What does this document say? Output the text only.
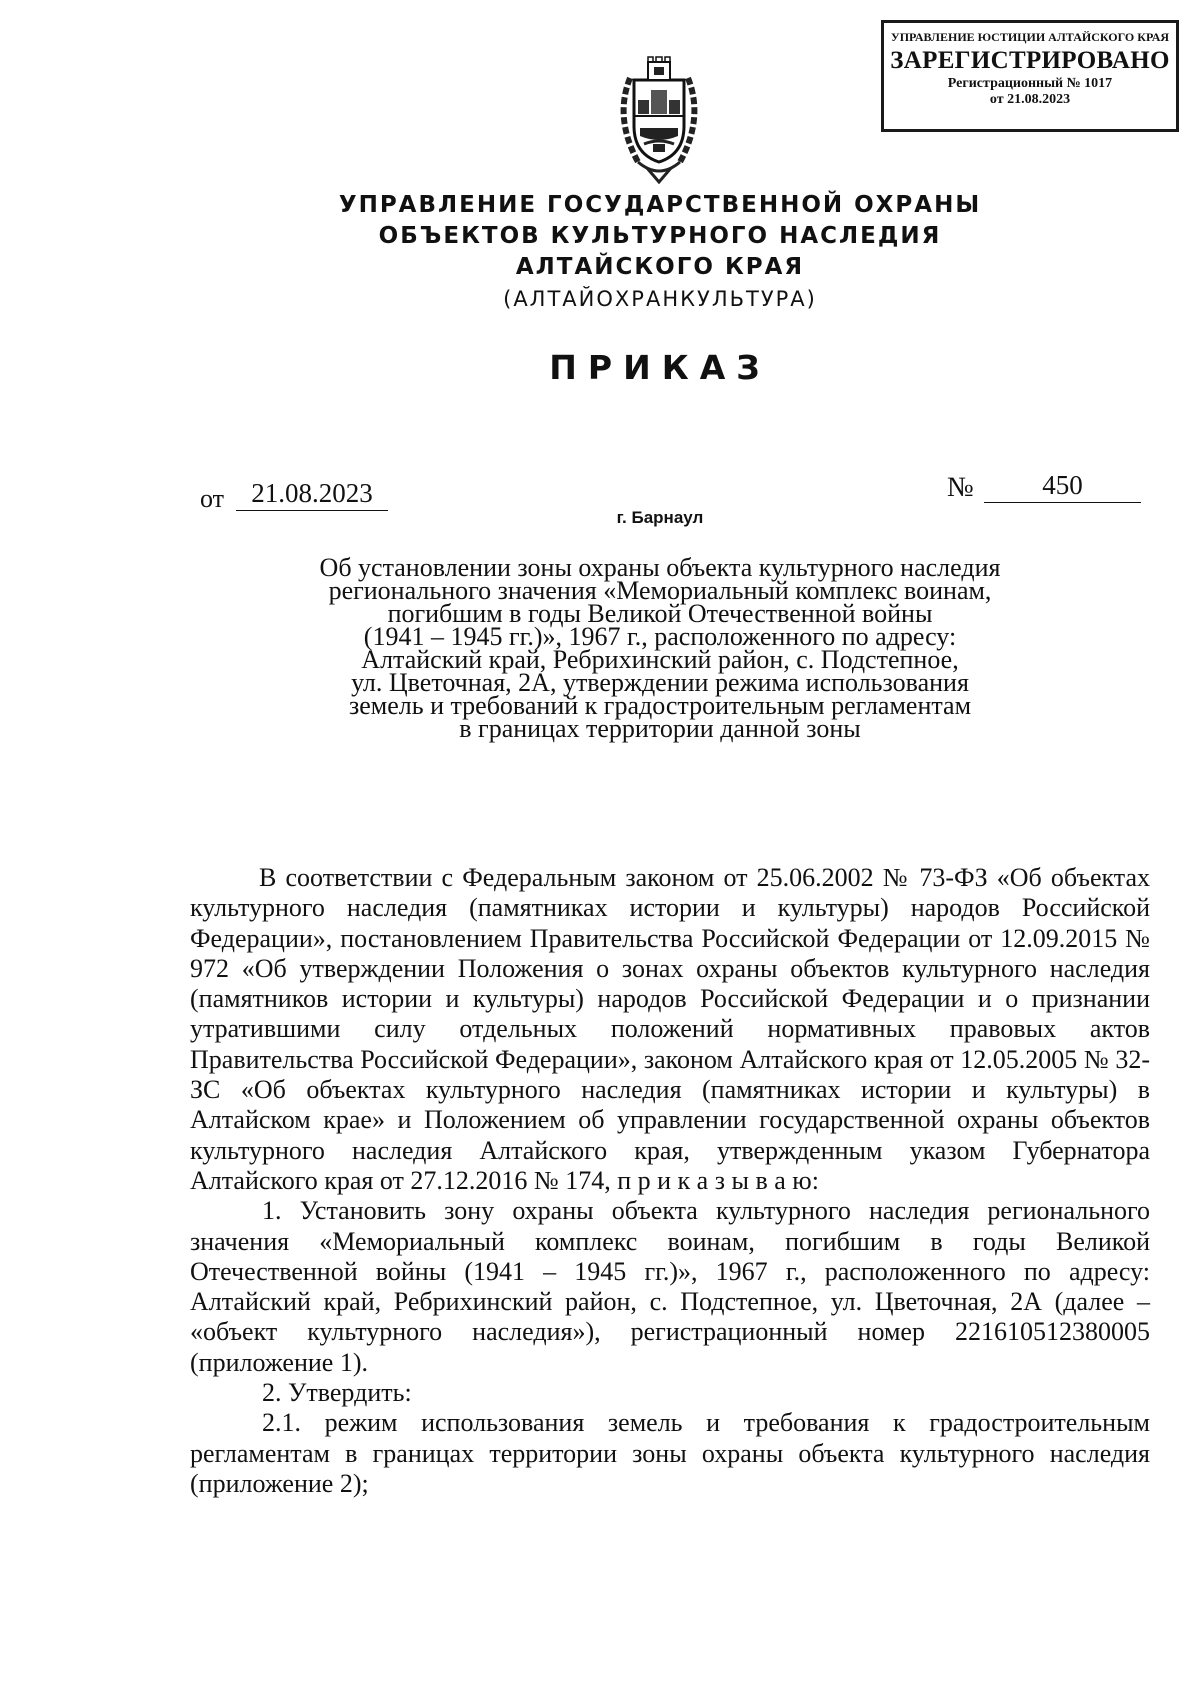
УПРАВЛЕНИЕ ЮСТИЦИИ АЛТАЙСКОГО КРАЯ
ЗАРЕГИСТРИРОВАНО
Регистрационный № 1017
от 21.08.2023
УПРАВЛЕНИЕ ГОСУДАРСТВЕННОЙ ОХРАНЫ
ОБЪЕКТОВ КУЛЬТУРНОГО НАСЛЕДИЯ
АЛТАЙСКОГО КРАЯ
(АЛТАЙОХРАНКУЛЬТУРА)
ПРИКАЗ
от	21.08.2023	№	450
г. Барнаул
Об установлении зоны охраны объекта культурного наследия
регионального значения «Мемориальный комплекс воинам,
погибшим в годы Великой Отечественной войны
(1941 – 1945 гг.)», 1967 г., расположенного по адресу:
Алтайский край, Ребрихинский район, с. Подстепное,
ул. Цветочная, 2А, утверждении режима использования
земель и требований к градостроительным регламентам
в границах территории данной зоны

В соответствии с Федеральным законом от 25.06.2002 № 73-ФЗ «Об объектах культурного наследия (памятниках истории и культуры) народов Российской Федерации», постановлением Правительства Российской Федерации от 12.09.2015 № 972 «Об утверждении Положения о зонах охраны объектов культурного наследия (памятников истории и культуры) народов Российской Федерации и о признании утратившими силу отдельных положений нормативных правовых актов Правительства Российской Федерации», законом Алтайского края от 12.05.2005 № 32-ЗС «Об объектах культурного наследия (памятниках истории и культуры) в Алтайском крае» и Положением об управлении государственной охраны объектов культурного наследия Алтайского края, утвержденным указом Губернатора Алтайского края от 27.12.2016 № 174, п р и к а з ы в а ю:

1. Установить зону охраны объекта культурного наследия регионального значения «Мемориальный комплекс воинам, погибшим в годы Великой Отечественной войны (1941 – 1945 гг.)», 1967 г., расположенного по адресу: Алтайский край, Ребрихинский район, с. Подстепное, ул. Цветочная, 2А (далее – «объект культурного наследия»), регистрационный номер 221610512380005 (приложение 1).

2. Утвердить:

2.1. режим использования земель и требования к градостроительным регламентам в границах территории зоны охраны объекта культурного наследия (приложение 2);
